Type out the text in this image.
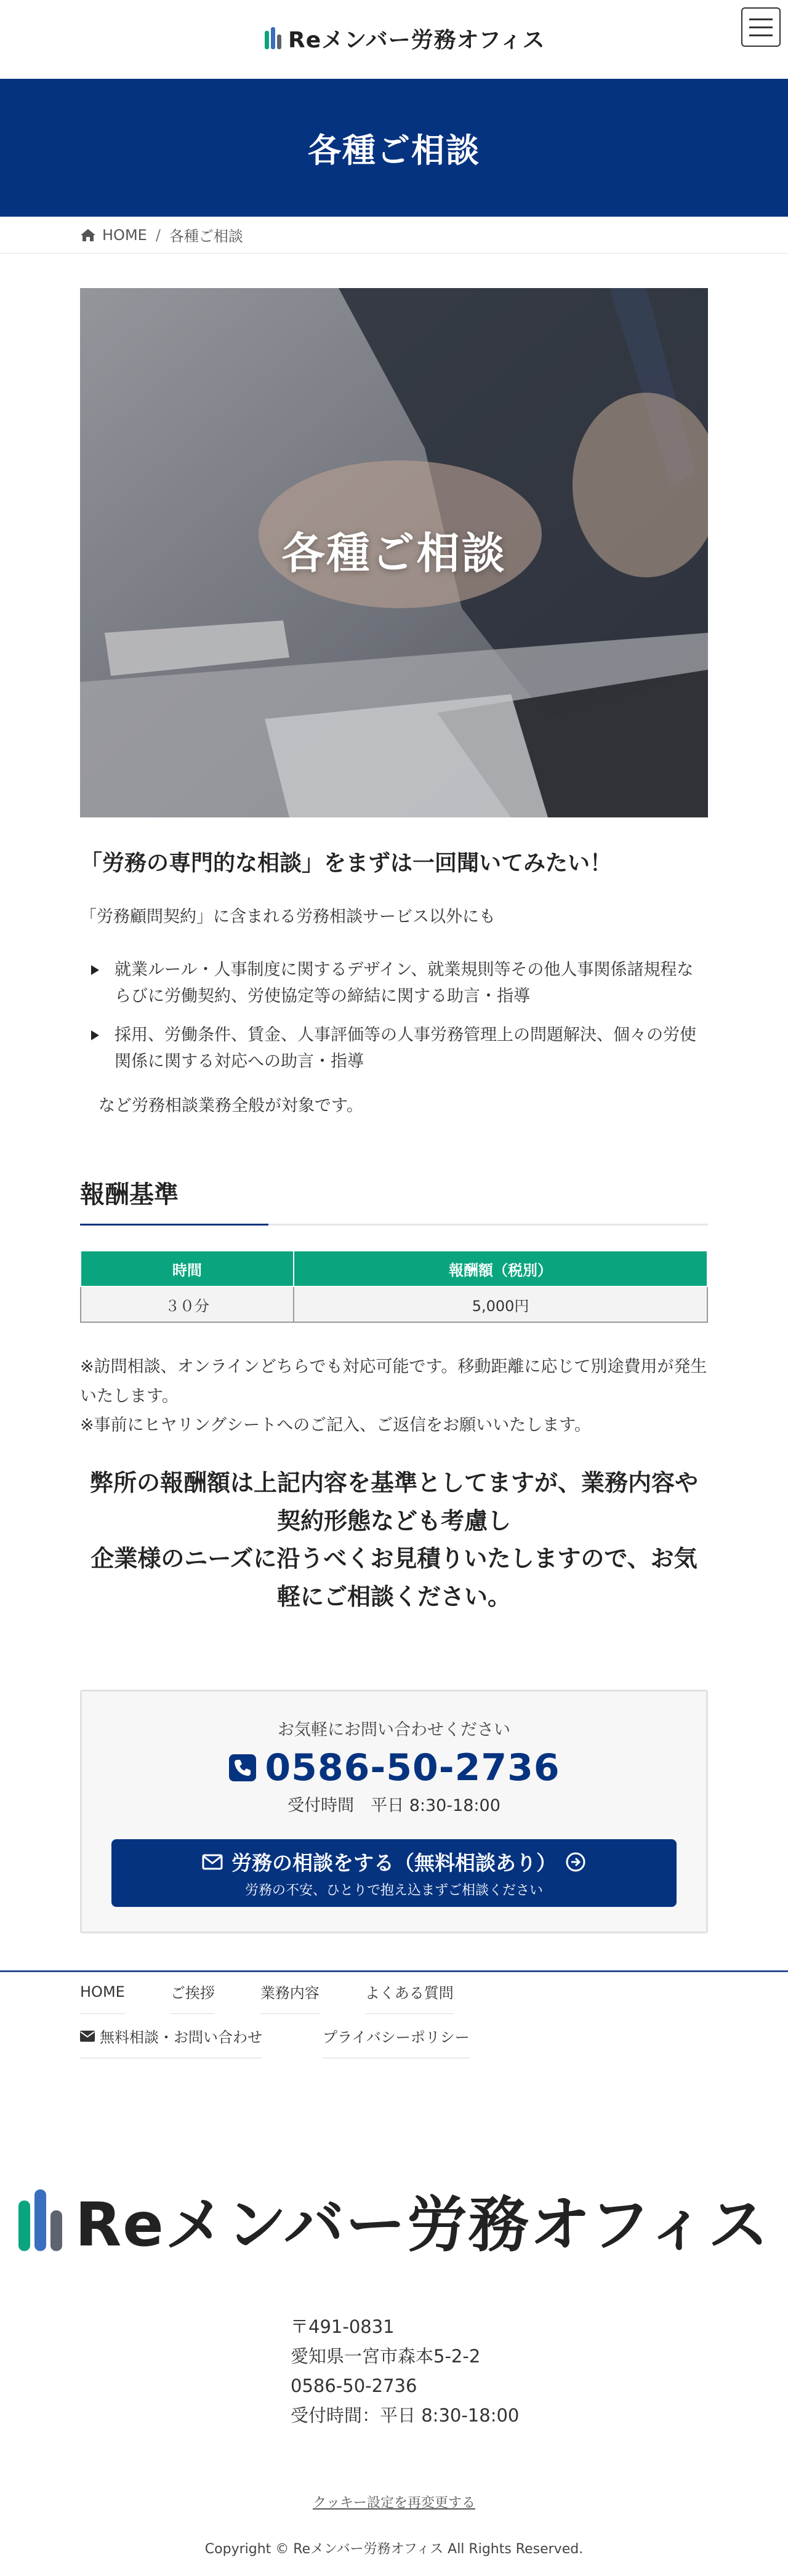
Reメンバー労務オフィス
各種ご相談
HOME / 各種ご相談
各種ご相談
「労務の専門的な相談」をまずは一回聞いてみたい！

「労務顧問契約」に含まれる労務相談サービス以外にも

就業ルール・人事制度に関するデザイン、就業規則等その他人事関係諸規程ならびに労働契約、労使協定等の締結に関する助言・指導
採用、労働条件、賃金、人事評価等の人事労務管理上の問題解決、個々の労使関係に関する対応への助言・指導

など労務相談業務全般が対象です。

報酬基準
時間	報酬額（税別）
３０分	5,000円

※訪問相談、オンラインどちらでも対応可能です。移動距離に応じて別途費用が発生いたします。

※事前にヒヤリングシートへのご記入、ご返信をお願いいたします。

弊所の報酬額は上記内容を基準としてますが、業務内容や契約形態なども考慮し

企業様のニーズに沿うべくお見積りいたしますので、お気軽にご相談ください。

お気軽にお問い合わせください

0586-50-2736

受付時間　平日 8:30-18:00

労務の相談をする（無料相談あり）
労務の不安、ひとりで抱え込まずご相談ください
HOME	ご挨拶	業務内容	よくある質問
無料相談・お問い合わせ	プライバシーポリシー
Reメンバー労務オフィス

〒491-0831

愛知県一宮市森本5-2-2

0586-50-2736

受付時間：平日 8:30-18:00

クッキー設定を再変更する

Copyright © Reメンバー労務オフィス All Rights Reserved.
